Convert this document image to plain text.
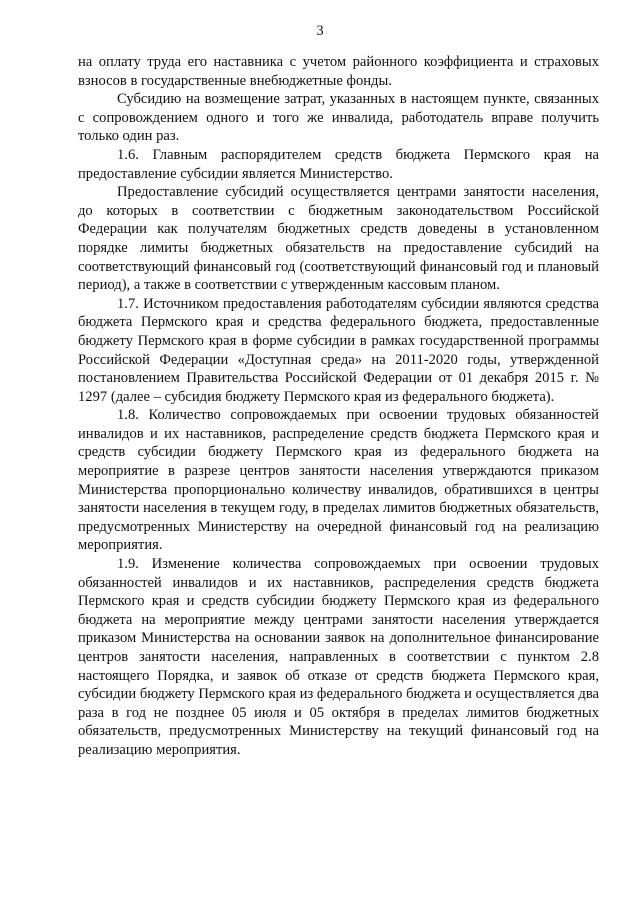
3

на оплату труда его наставника с учетом районного коэффициента и страховых взносов в государственные внебюджетные фонды.

Субсидию на возмещение затрат, указанных в настоящем пункте, связанных с сопровождением одного и того же инвалида, работодатель вправе получить только один раз.

1.6. Главным распорядителем средств бюджета Пермского края на предоставление субсидии является Министерство.

Предоставление субсидий осуществляется центрами занятости населения, до которых в соответствии с бюджетным законодательством Российской Федерации как получателям бюджетных средств доведены в установленном порядке лимиты бюджетных обязательств на предоставление субсидий на соответствующий финансовый год (соответствующий финансовый год и плановый период), а также в соответствии с утвержденным кассовым планом.

1.7. Источником предоставления работодателям субсидии являются средства бюджета Пермского края и средства федерального бюджета, предоставленные бюджету Пермского края в форме субсидии в рамках государственной программы Российской Федерации «Доступная среда» на 2011-2020 годы, утвержденной постановлением Правительства Российской Федерации от 01 декабря 2015 г. № 1297 (далее – субсидия бюджету Пермского края из федерального бюджета).

1.8. Количество сопровождаемых при освоении трудовых обязанностей инвалидов и их наставников, распределение средств бюджета Пермского края и средств субсидии бюджету Пермского края из федерального бюджета на мероприятие в разрезе центров занятости населения утверждаются приказом Министерства пропорционально количеству инвалидов, обратившихся в центры занятости населения в текущем году, в пределах лимитов бюджетных обязательств, предусмотренных Министерству на очередной финансовый год на реализацию мероприятия.

1.9. Изменение количества сопровождаемых при освоении трудовых обязанностей инвалидов и их наставников, распределения средств бюджета Пермского края и средств субсидии бюджету Пермского края из федерального бюджета на мероприятие между центрами занятости населения утверждается приказом Министерства на основании заявок на дополнительное финансирование центров занятости населения, направленных в соответствии с пунктом 2.8 настоящего Порядка, и заявок об отказе от средств бюджета Пермского края, субсидии бюджету Пермского края из федерального бюджета и осуществляется два раза в год не позднее 05 июля и 05 октября в пределах лимитов бюджетных обязательств, предусмотренных Министерству на текущий финансовый год на реализацию мероприятия.
